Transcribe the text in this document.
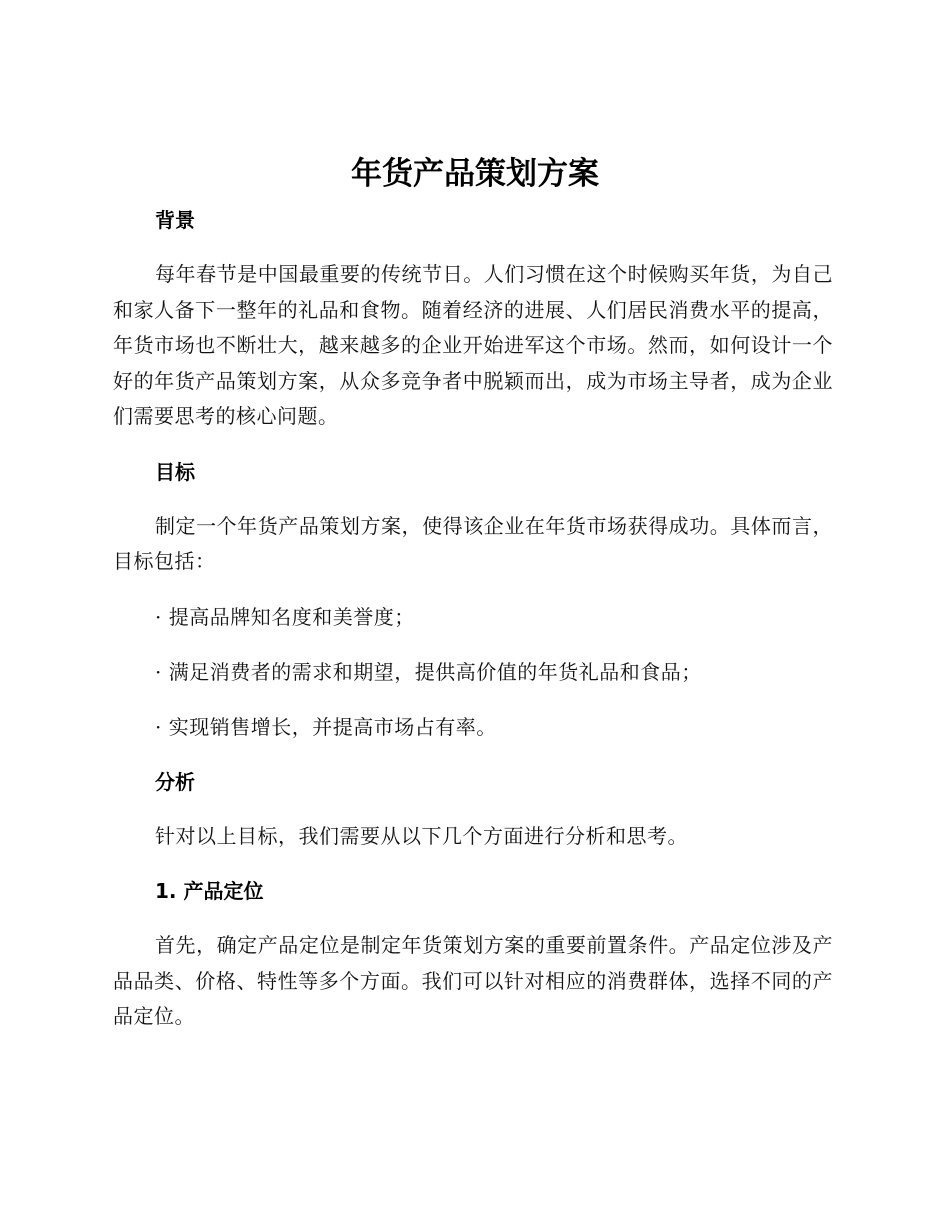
年货产品策划方案
背景

每年春节是中国最重要的传统节日。人们习惯在这个时候购买年货，为自己和家人备下一整年的礼品和食物。随着经济的进展、人们居民消费水平的提高，年货市场也不断壮大，越来越多的企业开始进军这个市场。然而，如何设计一个好的年货产品策划方案，从众多竞争者中脱颖而出，成为市场主导者，成为企业们需要思考的核心问题。

目标

制定一个年货产品策划方案，使得该企业在年货市场获得成功。具体而言，目标包括：

· 提高品牌知名度和美誉度；

· 满足消费者的需求和期望，提供高价值的年货礼品和食品；

· 实现销售增长，并提高市场占有率。

分析

针对以上目标，我们需要从以下几个方面进行分析和思考。

1. 产品定位

首先，确定产品定位是制定年货策划方案的重要前置条件。产品定位涉及产品品类、价格、特性等多个方面。我们可以针对相应的消费群体，选择不同的产品定位。
